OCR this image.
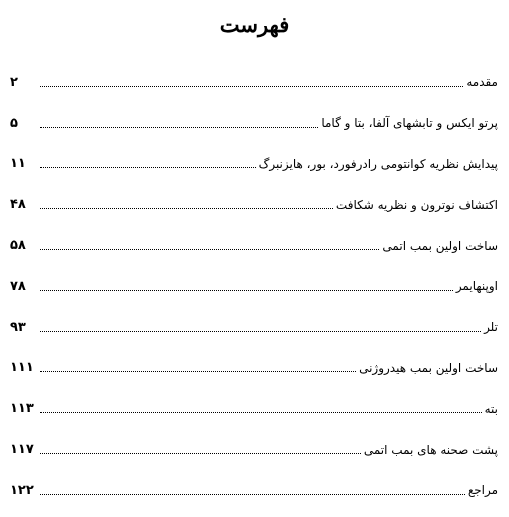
فهرست
۲	مقدمه
۵	پرتو ایکس و تابشهای آلفا، بتا و گاما
۱۱	پیدایش نظریه کوانتومی رادرفورد، بور، هایزنبرگ
۴۸	اکتشاف نوترون و نظریه شکافت
۵۸	ساخت اولین بمب اتمی
۷۸	اوپنهایمر
۹۳	تلر
۱۱۱	ساخت اولین بمب هیدروژنی
۱۱۳	بته
۱۱۷	پشت صحنه های بمب اتمی
۱۲۲	مراجع
